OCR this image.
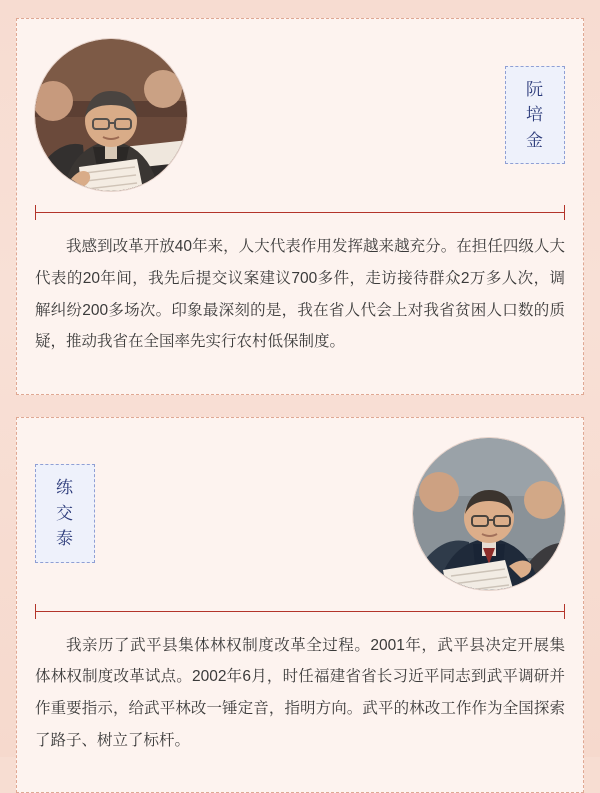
阮
培
金

我感到改革开放40年来，人大代表作用发挥越来越充分。在担任四级人大代表的20年间，我先后提交议案建议700多件，走访接待群众2万多人次，调解纠纷200多场次。印象最深刻的是，我在省人代会上对我省贫困人口数的质疑，推动我省在全国率先实行农村低保制度。

练
交
泰

我亲历了武平县集体林权制度改革全过程。2001年，武平县决定开展集体林权制度改革试点。2002年6月，时任福建省省长习近平同志到武平调研并作重要指示，给武平林改一锤定音，指明方向。武平的林改工作作为全国探索了路子、树立了标杆。
